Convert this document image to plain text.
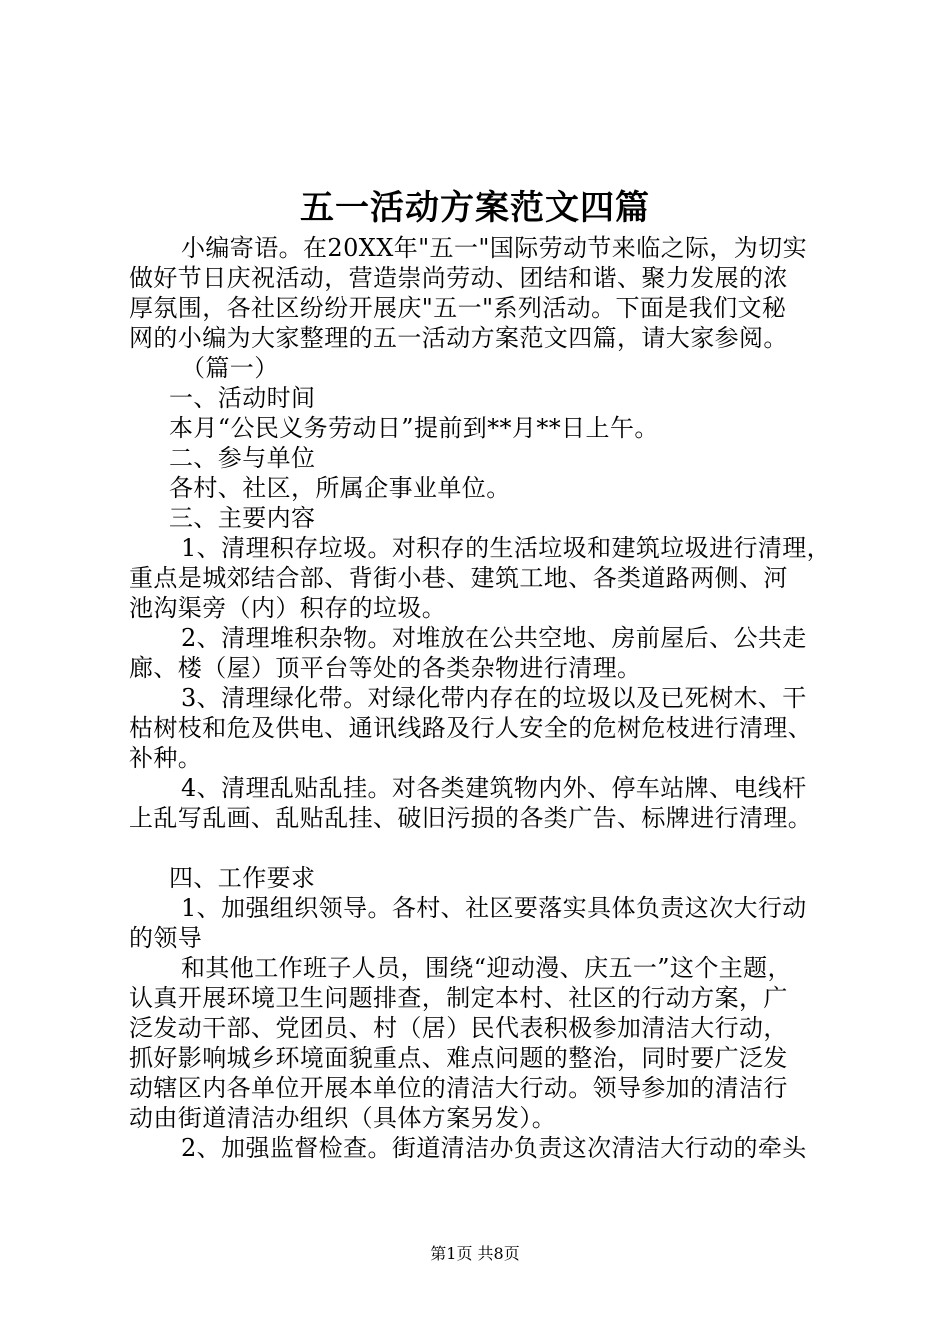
五一活动方案范文四篇
小编寄语。在20XX年"五一"国际劳动节来临之际，为切实
做好节日庆祝活动，营造崇尚劳动、团结和谐、聚力发展的浓
厚氛围，各社区纷纷开展庆"五一"系列活动。下面是我们文秘
网的小编为大家整理的五一活动方案范文四篇，请大家参阅。
（篇一）
一、活动时间
本月“公民义务劳动日”提前到**月**日上午。
二、参与单位
各村、社区，所属企事业单位。
三、主要内容
1、清理积存垃圾。对积存的生活垃圾和建筑垃圾进行清理，
重点是城郊结合部、背街小巷、建筑工地、各类道路两侧、河
池沟渠旁（内）积存的垃圾。
2、清理堆积杂物。对堆放在公共空地、房前屋后、公共走
廊、楼（屋）顶平台等处的各类杂物进行清理。
3、清理绿化带。对绿化带内存在的垃圾以及已死树木、干
枯树枝和危及供电、通讯线路及行人安全的危树危枝进行清理、
补种。
4、清理乱贴乱挂。对各类建筑物内外、停车站牌、电线杆
上乱写乱画、乱贴乱挂、破旧污损的各类广告、标牌进行清理。
四、工作要求
1、加强组织领导。各村、社区要落实具体负责这次大行动
的领导
和其他工作班子人员，围绕“迎动漫、庆五一”这个主题，
认真开展环境卫生问题排查，制定本村、社区的行动方案，广
泛发动干部、党团员、村（居）民代表积极参加清洁大行动，
抓好影响城乡环境面貌重点、难点问题的整治，同时要广泛发
动辖区内各单位开展本单位的清洁大行动。领导参加的清洁行
动由街道清洁办组织（具体方案另发）。
2、加强监督检查。街道清洁办负责这次清洁大行动的牵头
第1页 共8页
